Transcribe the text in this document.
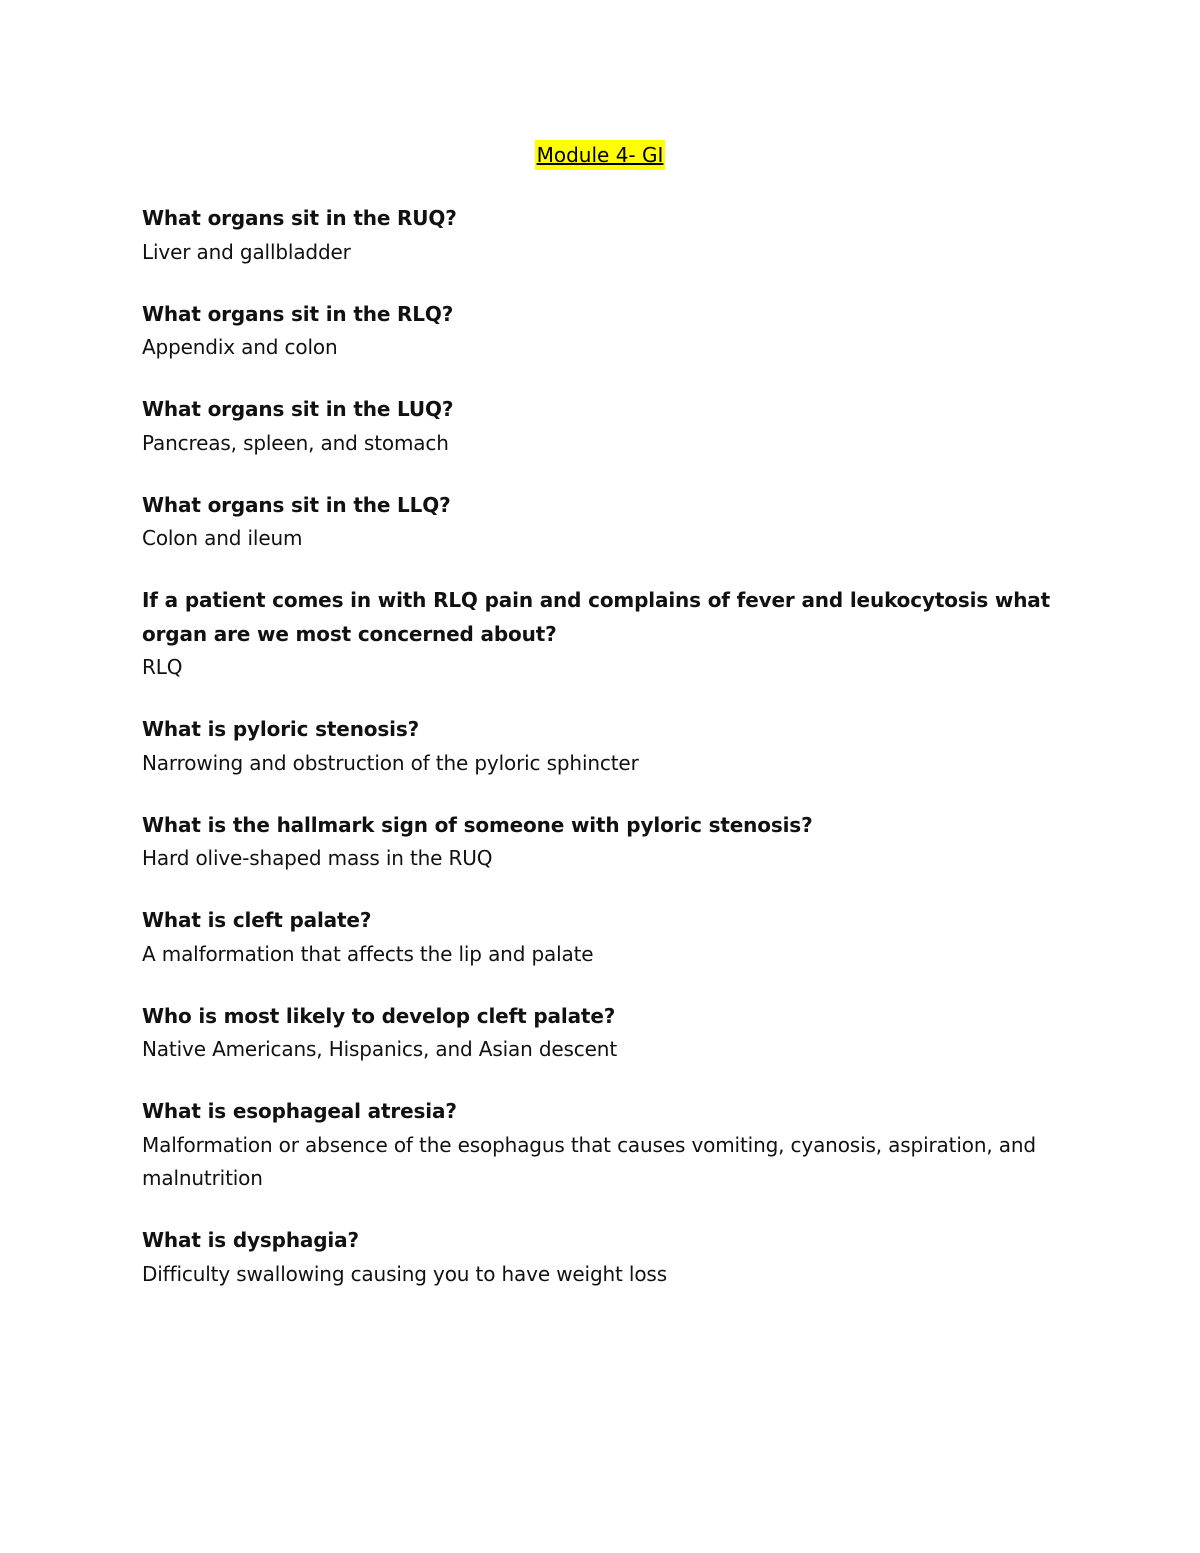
Module 4- GI
What organs sit in the RUQ?
Liver and gallbladder
What organs sit in the RLQ?
Appendix and colon
What organs sit in the LUQ?
Pancreas, spleen, and stomach
What organs sit in the LLQ?
Colon and ileum
If a patient comes in with RLQ pain and complains of fever and leukocytosis what organ are we most concerned about?
RLQ
What is pyloric stenosis?
Narrowing and obstruction of the pyloric sphincter
What is the hallmark sign of someone with pyloric stenosis?
Hard olive-shaped mass in the RUQ
What is cleft palate?
A malformation that affects the lip and palate
Who is most likely to develop cleft palate?
Native Americans, Hispanics, and Asian descent
What is esophageal atresia?
Malformation or absence of the esophagus that causes vomiting, cyanosis, aspiration, and malnutrition
What is dysphagia?
Difficulty swallowing causing you to have weight loss
